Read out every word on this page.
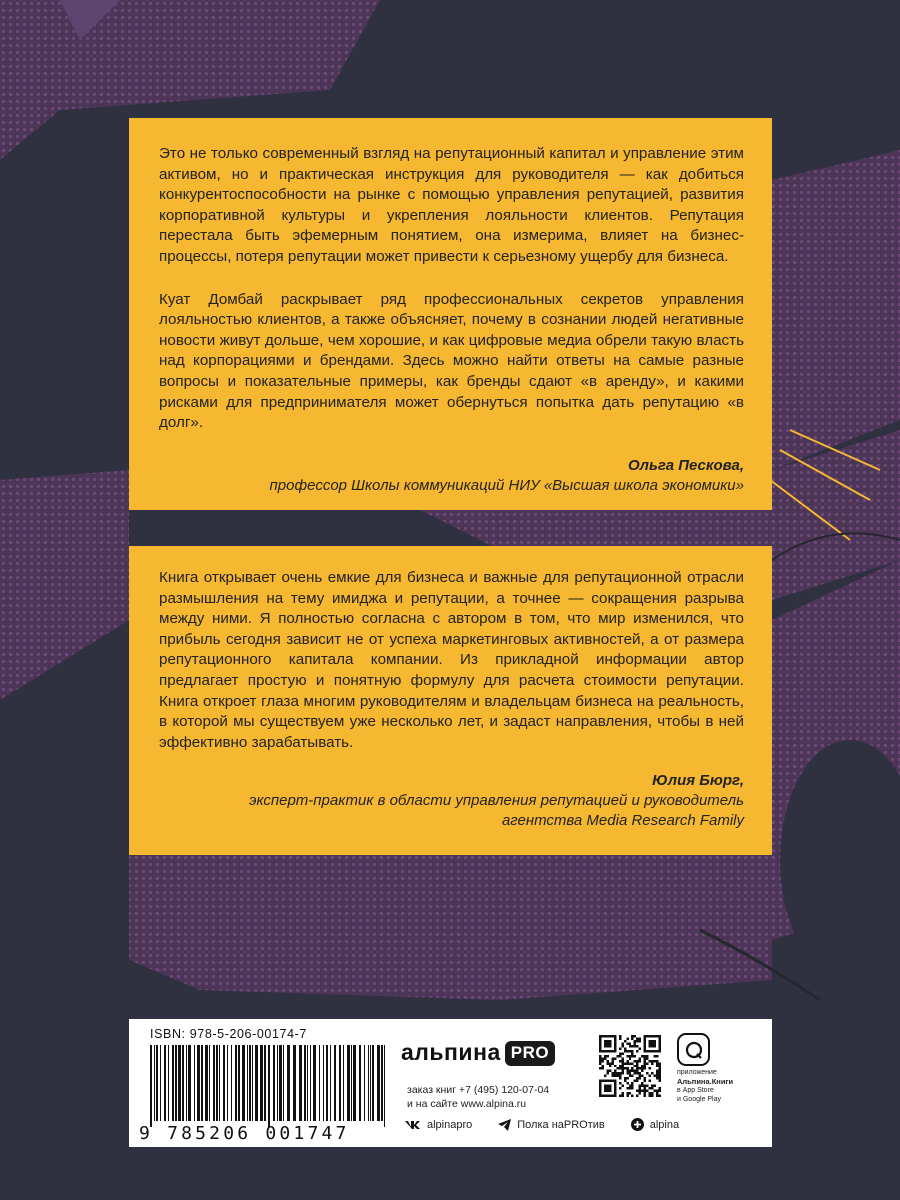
Это не только современный взгляд на репутационный капитал и управление этим активом, но и практическая инструкция для руководителя — как добиться конкурентоспособности на рынке с помощью управления репутацией, развития корпоративной культуры и укрепления лояльности клиентов. Репутация перестала быть эфемерным понятием, она измерима, влияет на бизнес-процессы, потеря репутации может привести к серьезному ущербу для бизнеса.

Куат Домбай раскрывает ряд профессиональных секретов управления лояльностью клиентов, а также объясняет, почему в сознании людей негативные новости живут дольше, чем хорошие, и как цифровые медиа обрели такую власть над корпорациями и брендами. Здесь можно найти ответы на самые разные вопросы и показательные примеры, как бренды сдают «в аренду», и какими рисками для предпринимателя может обернуться попытка дать репутацию «в долг».

Ольга Пескова,
профессор Школы коммуникаций НИУ «Высшая школа экономики»

Книга открывает очень емкие для бизнеса и важные для репутационной отрасли размышления на тему имиджа и репутации, а точнее — сокращения разрыва между ними. Я полностью согласна с автором в том, что мир изменился, что прибыль сегодня зависит не от успеха маркетинговых активностей, а от размера репутационного капитала компании. Из прикладной информации автор предлагает простую и понятную формулу для расчета стоимости репутации. Книга откроет глаза многим руководителям и владельцам бизнеса на реальность, в которой мы существуем уже несколько лет, и задаст направления, чтобы в ней эффективно зарабатывать.

Юлия Бюрг,
эксперт-практик в области управления репутацией и руководитель
агентства Media Research Family
ISBN: 978-5-206-00174-7
9 785206 001747
альпина PRO
заказ книг +7 (495) 120-07-04
и на сайте www.alpina.ru
приложение
Альпина.Книги
в App Store
и Google Play
alpinapro	Полка наPROтив	alpina
